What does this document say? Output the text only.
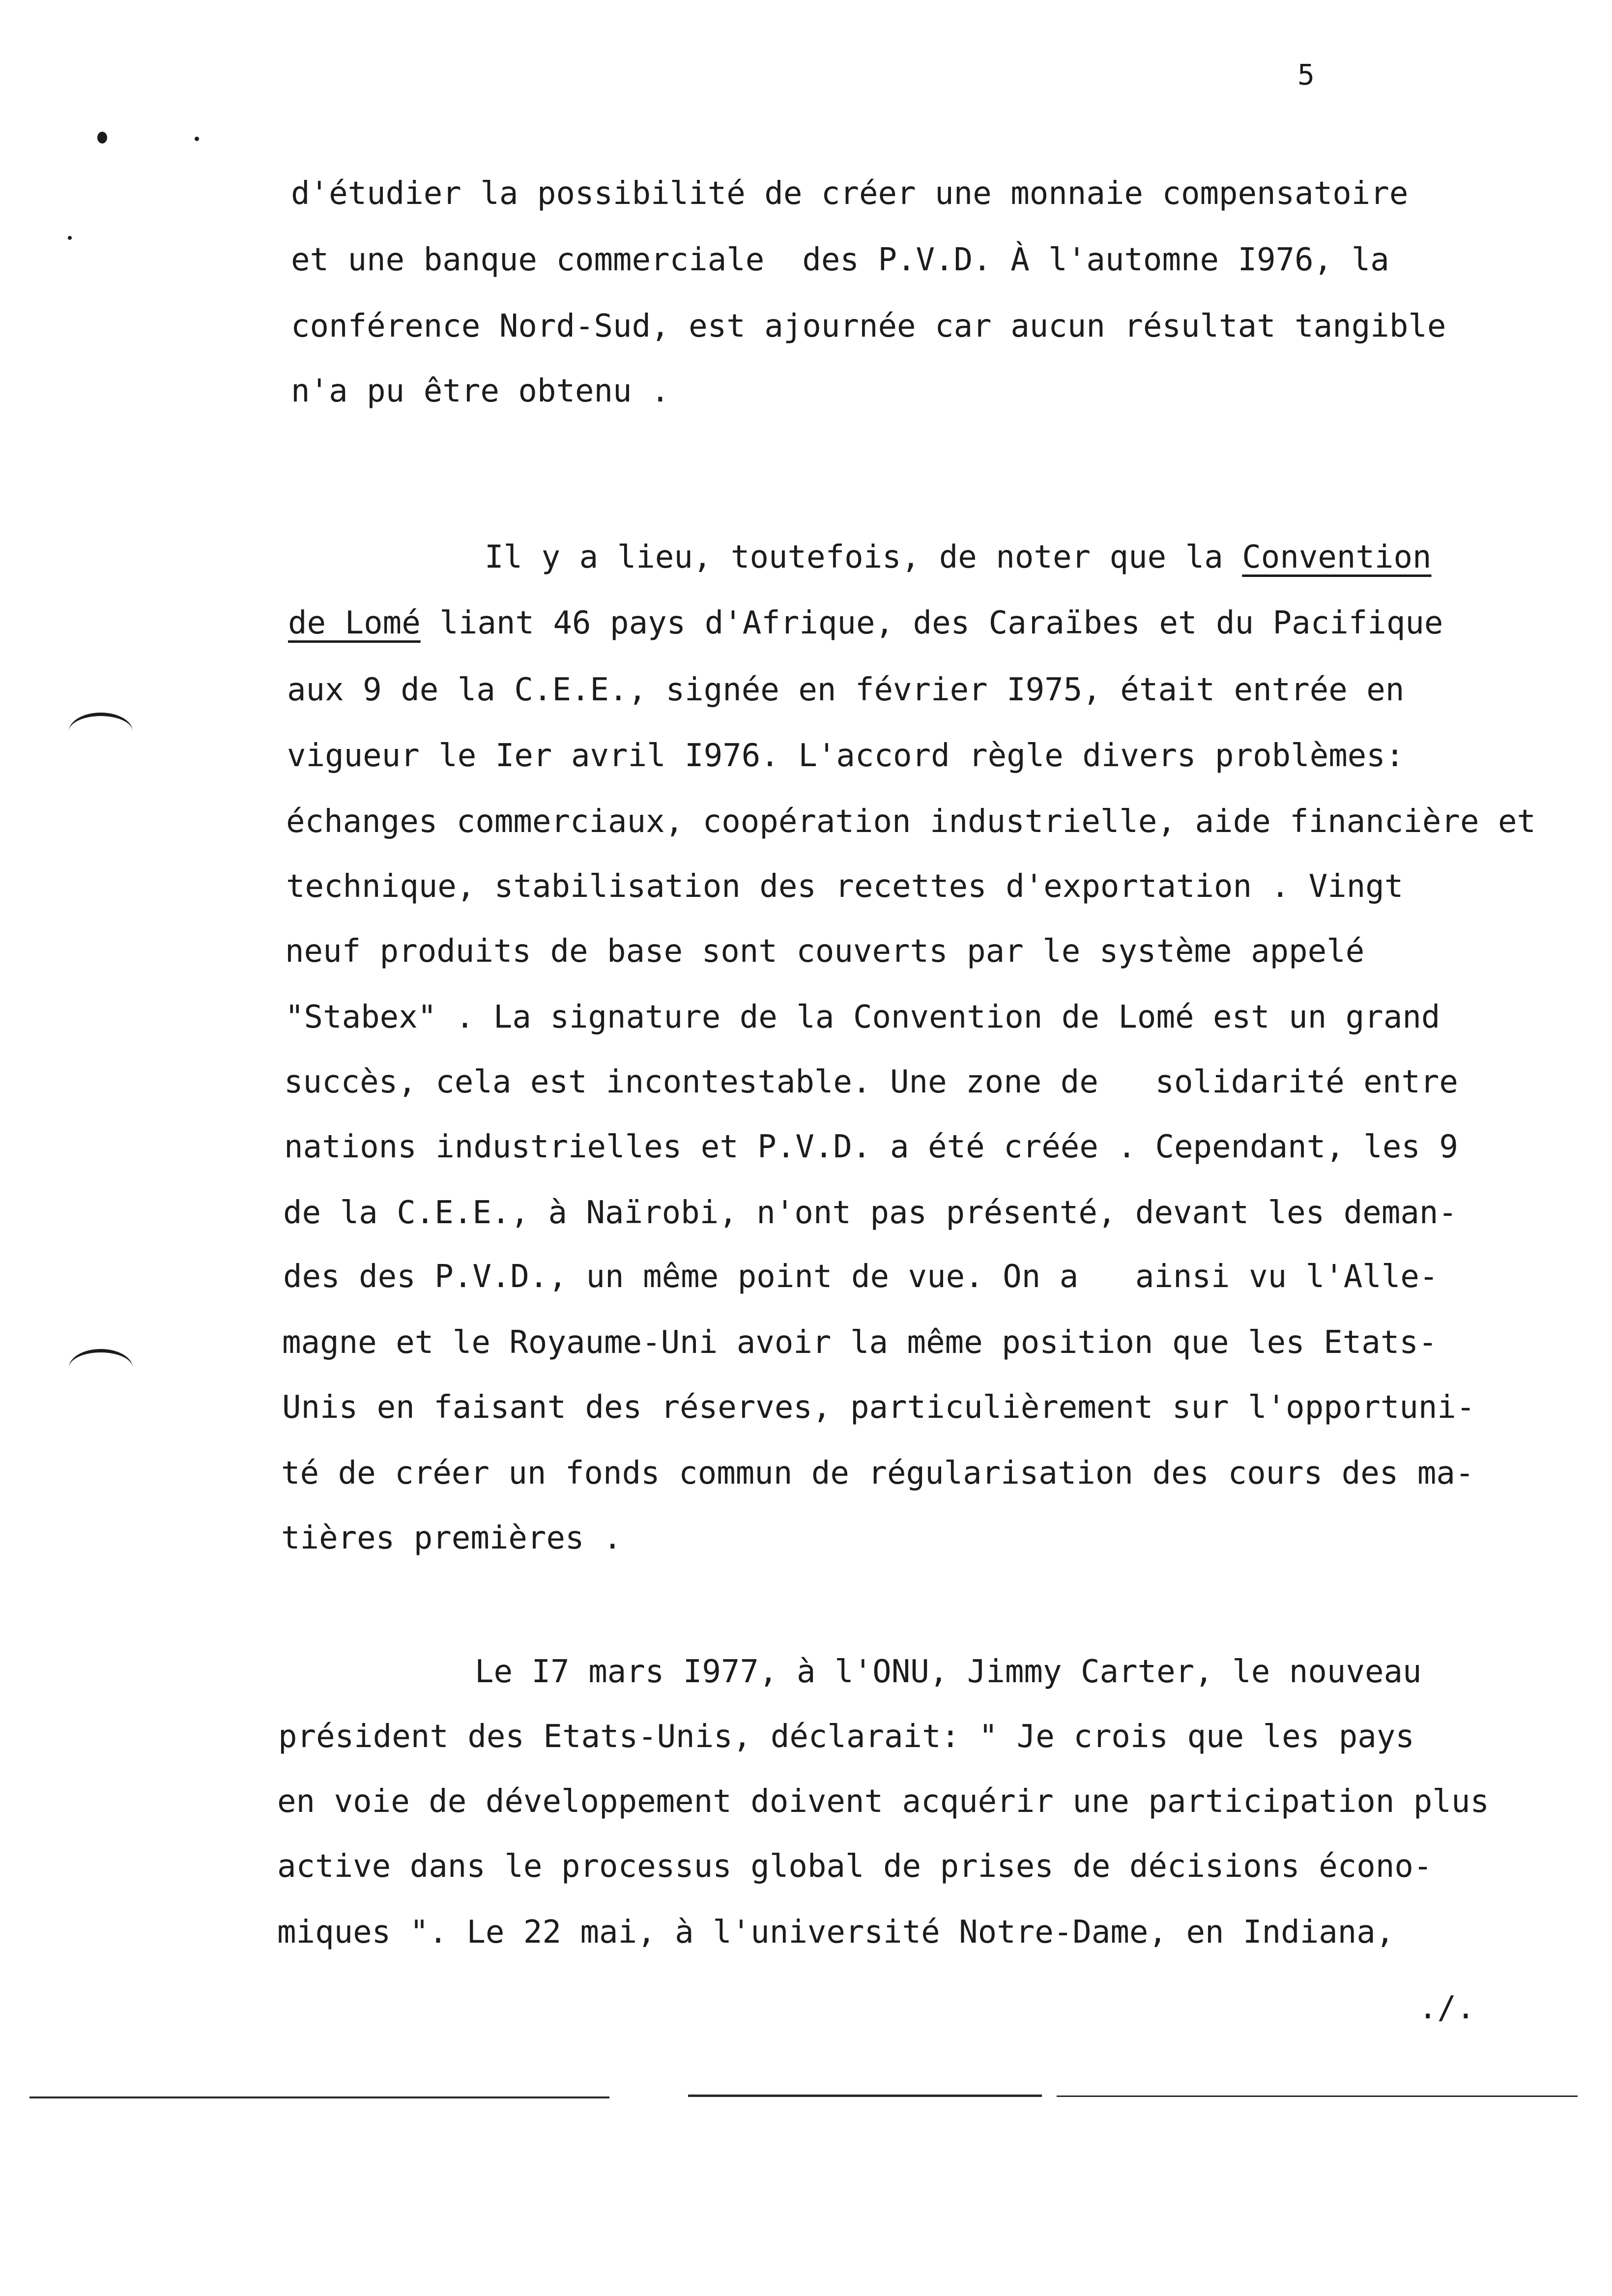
5
d'étudier la possibilité de créer une monnaie compensatoire
et une banque commerciale  des P.V.D. À l'automne I976, la
conférence Nord-Sud, est ajournée car aucun résultat tangible
n'a pu être obtenu .
Il y a lieu, toutefois, de noter que la Convention
de Lomé liant 46 pays d'Afrique, des Caraïbes et du Pacifique
aux 9 de la C.E.E., signée en février I975, était entrée en
vigueur le Ier avril I976. L'accord règle divers problèmes:
échanges commerciaux, coopération industrielle, aide financière et
technique, stabilisation des recettes d'exportation . Vingt
neuf produits de base sont couverts par le système appelé
"Stabex" . La signature de la Convention de Lomé est un grand
succès, cela est incontestable. Une zone de   solidarité entre
nations industrielles et P.V.D. a été créée . Cependant, les 9
de la C.E.E., à Naïrobi, n'ont pas présenté, devant les deman-
des des P.V.D., un même point de vue. On a   ainsi vu l'Alle-
magne et le Royaume-Uni avoir la même position que les Etats-
Unis en faisant des réserves, particulièrement sur l'opportuni-
té de créer un fonds commun de régularisation des cours des ma-
tières premières .
Le I7 mars I977, à l'ONU, Jimmy Carter, le nouveau
président des Etats-Unis, déclarait: " Je crois que les pays
en voie de développement doivent acquérir une participation plus
active dans le processus global de prises de décisions écono-
miques ". Le 22 mai, à l'université Notre-Dame, en Indiana,
./.
